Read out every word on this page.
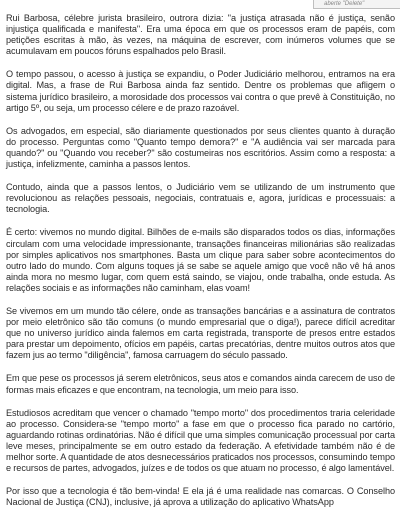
aberte "Delete"

Rui Barbosa, célebre jurista brasileiro, outrora dizia: "a justiça atrasada não é justiça, senão injustiça qualificada e manifesta". Era uma época em que os processos eram de papéis, com petições escritas à mão, às vezes, na máquina de escrever, com inúmeros volumes que se acumulavam em poucos fóruns espalhados pelo Brasil.

O tempo passou, o acesso à justiça se expandiu, o Poder Judiciário melhorou, entramos na era digital. Mas, a frase de Rui Barbosa ainda faz sentido. Dentre os problemas que afligem o sistema jurídico brasileiro, a morosidade dos processos vai contra o que prevê à Constituição, no artigo 5º, ou seja, um processo célere e de prazo razoável.

Os advogados, em especial, são diariamente questionados por seus clientes quanto à duração do processo. Perguntas como "Quanto tempo demora?" e "A audiência vai ser marcada para quando?" ou "Quando vou receber?" são costumeiras nos escritórios. Assim como a resposta: a justiça, infelizmente, caminha a passos lentos.

Contudo, ainda que a passos lentos, o Judiciário vem se utilizando de um instrumento que revolucionou as relações pessoais, negociais, contratuais e, agora, jurídicas e processuais: a tecnologia.

É certo: vivemos no mundo digital. Bilhões de e-mails são disparados todos os dias, informações circulam com uma velocidade impressionante, transações financeiras milionárias são realizadas por simples aplicativos nos smartphones. Basta um clique para saber sobre acontecimentos do outro lado do mundo. Com alguns toques já se sabe se aquele amigo que você não vê há anos ainda mora no mesmo lugar, com quem está saindo, se viajou, onde trabalha, onde estuda. As relações sociais e as informações não caminham, elas voam!

Se vivemos em um mundo tão célere, onde as transações bancárias e a assinatura de contratos por meio eletrônico são tão comuns (o mundo empresarial que o diga!), parece difícil acreditar que no universo jurídico ainda falemos em carta registrada, transporte de presos entre estados para prestar um depoimento, ofícios em papéis, cartas precatórias, dentre muitos outros atos que fazem jus ao termo "diligência", famosa carruagem do século passado.

Em que pese os processos já serem eletrônicos, seus atos e comandos ainda carecem de uso de formas mais eficazes e que encontram, na tecnologia, um meio para isso.

Estudiosos acreditam que vencer o chamado "tempo morto" dos procedimentos traria celeridade ao processo. Considera-se "tempo morto" a fase em que o processo fica parado no cartório, aguardando rotinas ordinatórias. Não é difícil que uma simples comunicação processual por carta leve meses, principalmente se em outro estado da federação. A efetividade também não é de melhor sorte. A quantidade de atos desnecessários praticados nos processos, consumindo tempo e recursos de partes, advogados, juízes e de todos os que atuam no processo, é algo lamentável.

Por isso que a tecnologia é tão bem-vinda! E ela já é uma realidade nas comarcas. O Conselho Nacional de Justiça (CNJ), inclusive, já aprova a utilização do aplicativo WhatsApp
